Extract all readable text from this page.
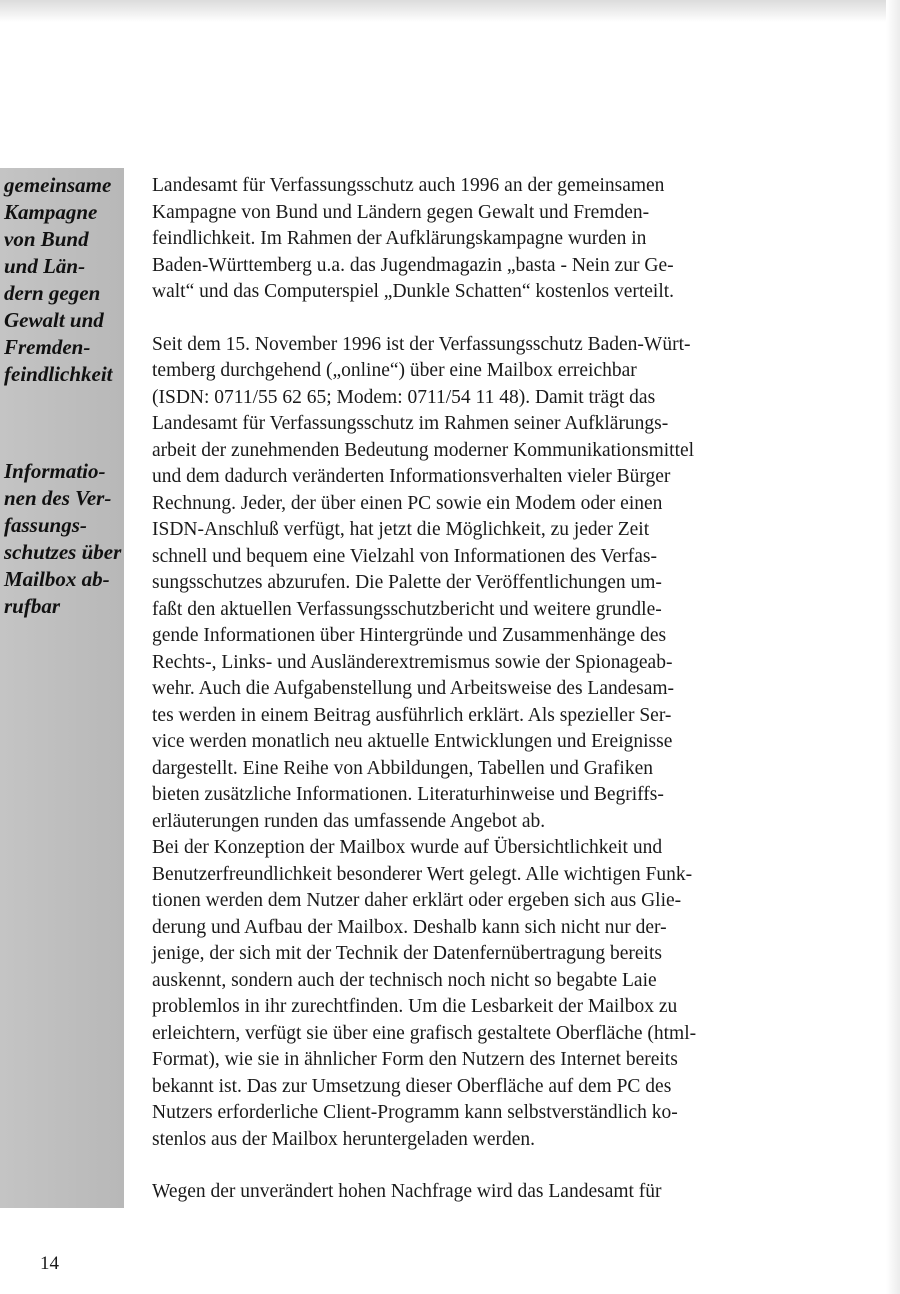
gemeinsame
Kampagne
von Bund
und Län-
dern gegen
Gewalt und
Fremden-
feindlichkeit
Informatio-
nen des Ver-
fassungs-
schutzes über
Mailbox ab-
rufbar

Landesamt für Verfassungsschutz auch 1996 an der gemeinsamen
Kampagne von Bund und Ländern gegen Gewalt und Fremden-
feindlichkeit. Im Rahmen der Aufklärungskampagne wurden in
Baden-Württemberg u.a. das Jugendmagazin „basta - Nein zur Ge-
walt“ und das Computerspiel „Dunkle Schatten“ kostenlos verteilt.

Seit dem 15. November 1996 ist der Verfassungsschutz Baden-Würt-
temberg durchgehend („online“) über eine Mailbox erreichbar
(ISDN: 0711/55 62 65; Modem: 0711/54 11 48). Damit trägt das
Landesamt für Verfassungsschutz im Rahmen seiner Aufklärungs-
arbeit der zunehmenden Bedeutung moderner Kommunikationsmittel
und dem dadurch veränderten Informationsverhalten vieler Bürger
Rechnung. Jeder, der über einen PC sowie ein Modem oder einen
ISDN-Anschluß verfügt, hat jetzt die Möglichkeit, zu jeder Zeit
schnell und bequem eine Vielzahl von Informationen des Verfas-
sungsschutzes abzurufen. Die Palette der Veröffentlichungen um-
faßt den aktuellen Verfassungsschutzbericht und weitere grundle-
gende Informationen über Hintergründe und Zusammenhänge des
Rechts-, Links- und Ausländerextremismus sowie der Spionageab-
wehr. Auch die Aufgabenstellung und Arbeitsweise des Landesam-
tes werden in einem Beitrag ausführlich erklärt. Als spezieller Ser-
vice werden monatlich neu aktuelle Entwicklungen und Ereignisse
dargestellt. Eine Reihe von Abbildungen, Tabellen und Grafiken
bieten zusätzliche Informationen. Literaturhinweise und Begriffs-
erläuterungen runden das umfassende Angebot ab.

Bei der Konzeption der Mailbox wurde auf Übersichtlichkeit und
Benutzerfreundlichkeit besonderer Wert gelegt. Alle wichtigen Funk-
tionen werden dem Nutzer daher erklärt oder ergeben sich aus Glie-
derung und Aufbau der Mailbox. Deshalb kann sich nicht nur der-
jenige, der sich mit der Technik der Datenfernübertragung bereits
auskennt, sondern auch der technisch noch nicht so begabte Laie
problemlos in ihr zurechtfinden. Um die Lesbarkeit der Mailbox zu
erleichtern, verfügt sie über eine grafisch gestaltete Oberfläche (html-
Format), wie sie in ähnlicher Form den Nutzern des Internet bereits
bekannt ist. Das zur Umsetzung dieser Oberfläche auf dem PC des
Nutzers erforderliche Client-Programm kann selbstverständlich ko-
stenlos aus der Mailbox heruntergeladen werden.

Wegen der unverändert hohen Nachfrage wird das Landesamt für

14
